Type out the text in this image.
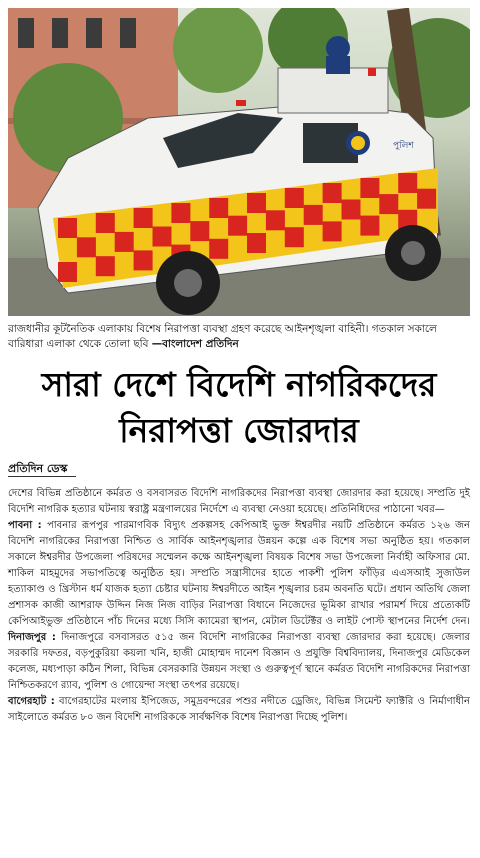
পুলিশ
রাজধানীর কূটনৈতিক এলাকায় বিশেষ নিরাপত্তা ব্যবস্থা গ্রহণ করেছে আইনশৃঙ্খলা বাহিনী। গতকাল সকালে বারিধারা এলাকা থেকে তোলা ছবি —বাংলাদেশ প্রতিদিন
সারা দেশে বিদেশি নাগরিকদের
নিরাপত্তা জোরদার
প্রতিদিন ডেস্ক

দেশের বিভিন্ন প্রতিষ্ঠানে কর্মরত ও বসবাসরত বিদেশি নাগরিকদের নিরাপত্তা ব্যবস্থা জোরদার করা হয়েছে। সম্প্রতি দুই বিদেশি নাগরিক হত্যার ঘটনায় স্বরাষ্ট্র মন্ত্রণালয়ের নির্দেশে এ ব্যবস্থা নেওয়া হয়েছে। প্রতিনিধিদের পাঠানো খবর—

পাবনা : পাবনার রূপপুর পারমাণবিক বিদ্যুৎ প্রকল্পসহ কেপিআই ভুক্ত ঈশ্বরদীর নয়টি প্রতিষ্ঠানে কর্মরত ১২৬ জন বিদেশি নাগরিকের নিরাপত্তা নিশ্চিত ও সার্বিক আইনশৃঙ্খলার উন্নয়ন কল্পে এক বিশেষ সভা অনুষ্ঠিত হয়। গতকাল সকালে ঈশ্বরদীর উপজেলা পরিষদের সম্মেলন কক্ষে আইনশৃঙ্খলা বিষয়ক বিশেষ সভা উপজেলা নির্বাহী অফিসার মো. শাকিল মাহমুদের সভাপতিত্বে অনুষ্ঠিত হয়। সম্প্রতি সন্ত্রাসীদের হাতে পাকশী পুলিশ ফাঁড়ির এএসআই সুজাউল হত্যাকাণ্ড ও খ্রিস্টান ধর্ম যাজক হত্যা চেষ্টার ঘটনায় ঈশ্বরদীতে আইন শৃঙ্খলার চরম অবনতি ঘটে। প্রধান অতিথি জেলা প্রশাসক কাজী আশরাফ উদ্দিন নিজ নিজ বাড়ির নিরাপত্তা বিধানে নিজেদের ভূমিকা রাখার পরামর্শ দিয়ে প্রত্যেকটি কেপিআইভুক্ত প্রতিষ্ঠানে পাঁচ দিনের মধ্যে সিসি ক্যামেরা স্থাপন, মেটাল ডিটেক্টর ও লাইট পোস্ট স্থাপনের নির্দেশ দেন। দিনাজপুর : দিনাজপুরে বসবাসরত ৫১৫ জন বিদেশি নাগরিকের নিরাপত্তা ব্যবস্থা জোরদার করা হয়েছে। জেলার সরকারি দফতর, বড়পুকুরিয়া কয়লা খনি, হাজী মোহাম্মদ দানেশ বিজ্ঞান ও প্রযুক্তি বিশ্ববিদ্যালয়, দিনাজপুর মেডিকেল কলেজ, মধ্যপাড়া কঠিন শিলা, বিভিন্ন বেসরকারি উন্নয়ন সংস্থা ও গুরুত্বপূর্ণ স্থানে কর্মরত বিদেশি নাগরিকদের নিরাপত্তা নিশ্চিতকরণে র‌্যাব, পুলিশ ও গোয়েন্দা সংস্থা তৎপর রয়েছে।

বাগেরহাট : বাগেরহাটের মংলায় ইপিজেড, সমুদ্রবন্দরের পশুর নদীতে ড্রেজিং, বিভিন্ন সিমেন্ট ফ্যাক্টরি ও নির্মাণাধীন সাইলোতে কর্মরত ৮০ জন বিদেশি নাগরিককে সার্বক্ষণিক বিশেষ নিরাপত্তা দিচ্ছে পুলিশ।
